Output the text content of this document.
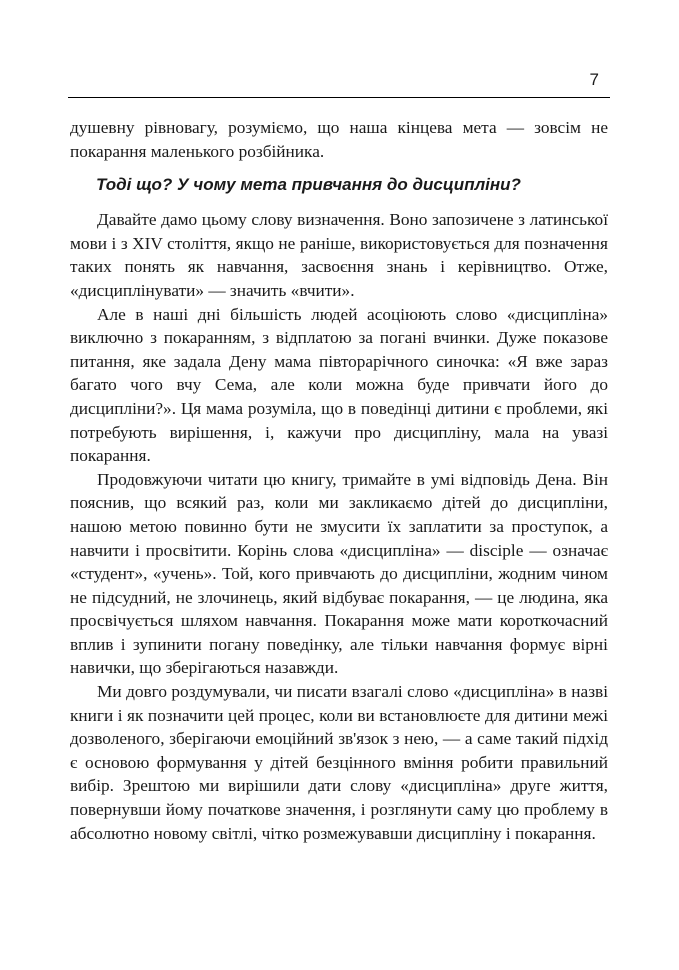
7

душевну рівновагу, розуміємо, що наша кінцева мета — зовсім не покарання маленького розбійника.

Тоді що? У чому мета привчання до дисципліни?

Давайте дамо цьому слову визначення. Воно запозичене з латинської мови і з XIV століття, якщо не раніше, використовується для позначення таких понять як навчання, засвоєння знань і керівництво. Отже, «дисциплінувати» — значить «вчити».

Але в наші дні більшість людей асоціюють слово «дисципліна» виключно з покаранням, з відплатою за погані вчинки. Дуже показове питання, яке задала Дену мама півторарічного синочка: «Я вже зараз багато чого вчу Сема, але коли можна буде привчати його до дисципліни?». Ця мама розуміла, що в поведінці дитини є проблеми, які потребують вирішення, і, кажучи про дисципліну, мала на увазі покарання.

Продовжуючи читати цю книгу, тримайте в умі відповідь Дена. Він пояснив, що всякий раз, коли ми закликаємо дітей до дисципліни, нашою метою повинно бути не змусити їх заплатити за проступок, а навчити і просвітити. Корінь слова «дисципліна» — disciple — означає «студент», «учень». Той, кого привчають до дисципліни, жодним чином не підсудний, не злочинець, який відбуває покарання, — це людина, яка просвічується шляхом навчання. Покарання може мати короткочасний вплив і зупинити погану поведінку, але тільки навчання формує вірні навички, що зберігаються назавжди.

Ми довго роздумували, чи писати взагалі слово «дисципліна» в назві книги і як позначити цей процес, коли ви встановлюєте для дитини межі дозволеного, зберігаючи емоційний зв'язок з нею, — а саме такий підхід є основою формування у дітей безцінного вміння робити правильний вибір. Зрештою ми вирішили дати слову «дисципліна» друге життя, повернувши йому початкове значення, і розглянути саму цю проблему в абсолютно новому світлі, чітко розмежувавши дисципліну і покарання.
